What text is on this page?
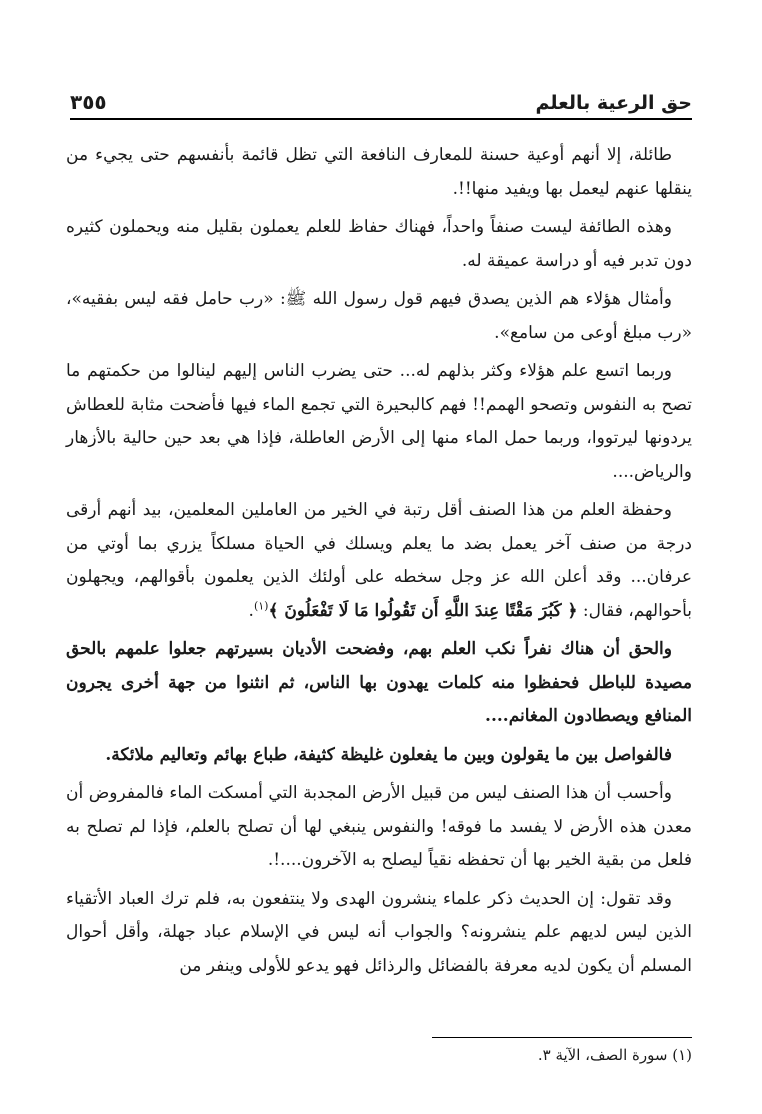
حق الرعية بالعلم
٣٥٥

طائلة، إلا أنهم أوعية حسنة للمعارف النافعة التي تظل قائمة بأنفسهم حتى يجيء من ينقلها عنهم ليعمل بها ويفيد منها!!.

وهذه الطائفة ليست صنفاً واحداً، فهناك حفاظ للعلم يعملون بقليل منه ويحملون كثيره دون تدبر فيه أو دراسة عميقة له.

وأمثال هؤلاء هم الذين يصدق فيهم قول رسول الله ﷺ: «رب حامل فقه ليس بفقيه»، «رب مبلغ أوعى من سامع».

وربما اتسع علم هؤلاء وكثر بذلهم له... حتى يضرب الناس إليهم لينالوا من حكمتهم ما تصح به النفوس وتصحو الهمم!! فهم كالبحيرة التي تجمع الماء فيها فأضحت مثابة للعطاش يردونها ليرتووا، وربما حمل الماء منها إلى الأرض العاطلة، فإذا هي بعد حين حالية بالأزهار والرياض....

وحفظة العلم من هذا الصنف أقل رتبة في الخير من العاملين المعلمين، بيد أنهم أرقى درجة من صنف آخر يعمل بضد ما يعلم ويسلك في الحياة مسلكاً يزري بما أوتي من عرفان... وقد أعلن الله عز وجل سخطه على أولئك الذين يعلمون بأقوالهم، ويجهلون بأحوالهم، فقال: ﴿ كَبُرَ مَقْتًا عِندَ اللَّهِ أَن تَقُولُوا مَا لَا تَفْعَلُونَ ﴾$^{(١)}$.

والحق أن هناك نفراً نكب العلم بهم، وفضحت الأديان بسيرتهم جعلوا علمهم بالحق مصيدة للباطل فحفظوا منه كلمات يهدون بها الناس، ثم انثنوا من جهة أخرى يجرون المنافع ويصطادون المغانم....

فالفواصل بين ما يقولون وبين ما يفعلون غليظة كثيفة، طباع بهائم وتعاليم ملائكة.

وأحسب أن هذا الصنف ليس من قبيل الأرض المجدبة التي أمسكت الماء فالمفروض أن معدن هذه الأرض لا يفسد ما فوقه! والنفوس ينبغي لها أن تصلح بالعلم، فإذا لم تصلح به فلعل من بقية الخير بها أن تحفظه نقياً ليصلح به الآخرون....!.

وقد تقول: إن الحديث ذكر علماء ينشرون الهدى ولا ينتفعون به، فلم ترك العباد الأتقياء الذين ليس لديهم علم ينشرونه؟ والجواب أنه ليس في الإسلام عباد جهلة، وأقل أحوال المسلم أن يكون لديه معرفة بالفضائل والرذائل فهو يدعو للأولى وينفر من

(١) سورة الصف، الآية ٣.
